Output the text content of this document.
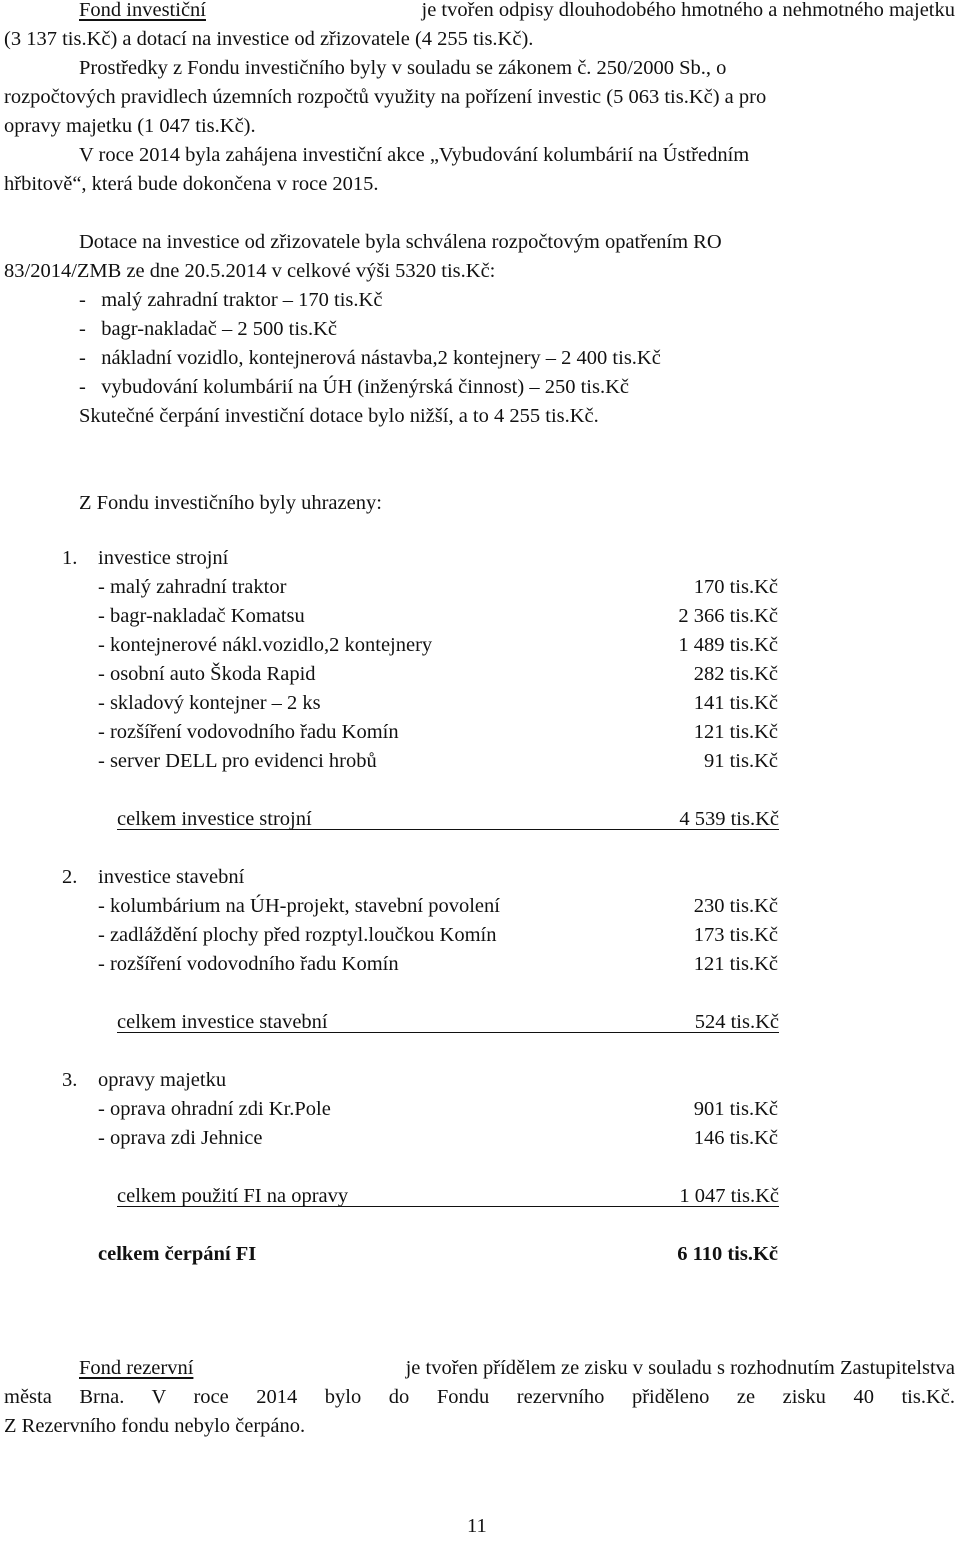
Fond investiční	je tvořen odpisy dlouhodobého hmotného a nehmotného majetku
(3 137 tis.Kč) a dotací na investice od zřizovatele (4 255 tis.Kč).
Prostředky z Fondu investičního byly v souladu se zákonem č. 250/2000 Sb., o
rozpočtových pravidlech územních rozpočtů využity na pořízení investic (5 063 tis.Kč) a pro
opravy majetku (1 047 tis.Kč).
V roce 2014 byla zahájena investiční akce „Vybudování kolumbárií na Ústředním
hřbitově“, která bude dokončena v roce 2015.
Dotace na investice od zřizovatele byla schválena rozpočtovým opatřením RO
83/2014/ZMB ze dne 20.5.2014 v celkové výši 5320 tis.Kč:
-   malý zahradní traktor – 170 tis.Kč
-   bagr-nakladač – 2 500 tis.Kč
-   nákladní vozidlo, kontejnerová nástavba,2 kontejnery – 2 400 tis.Kč
-   vybudování kolumbárií na ÚH (inženýrská činnost) – 250 tis.Kč
Skutečné čerpání investiční dotace bylo nižší, a to 4 255 tis.Kč.
Z Fondu investičního byly uhrazeny:
1. investice strojní
- malý zahradní traktor	170 tis.Kč
- bagr-nakladač Komatsu	2 366 tis.Kč
- kontejnerové nákl.vozidlo,2 kontejnery	1 489 tis.Kč
- osobní auto Škoda Rapid	282 tis.Kč
- skladový kontejner – 2 ks	141 tis.Kč
- rozšíření vodovodního řadu Komín	121 tis.Kč
- server DELL pro evidenci hrobů	91 tis.Kč
celkem investice strojní	4 539 tis.Kč
2. investice stavební
- kolumbárium na ÚH-projekt, stavební povolení	230 tis.Kč
- zadláždění plochy před rozptyl.loučkou Komín	173 tis.Kč
- rozšíření vodovodního řadu Komín	121 tis.Kč
celkem investice stavební	524 tis.Kč
3. opravy majetku
- oprava ohradní zdi Kr.Pole	901 tis.Kč
- oprava zdi Jehnice	146 tis.Kč
celkem použití FI na opravy	1 047 tis.Kč
celkem čerpání FI	6 110 tis.Kč
Fond rezervní	je tvořen přídělem ze zisku v souladu s rozhodnutím Zastupitelstva
města Brna. V roce 2014 bylo do Fondu rezervního přiděleno ze zisku 40 tis.Kč.
Z Rezervního fondu nebylo čerpáno.
11
